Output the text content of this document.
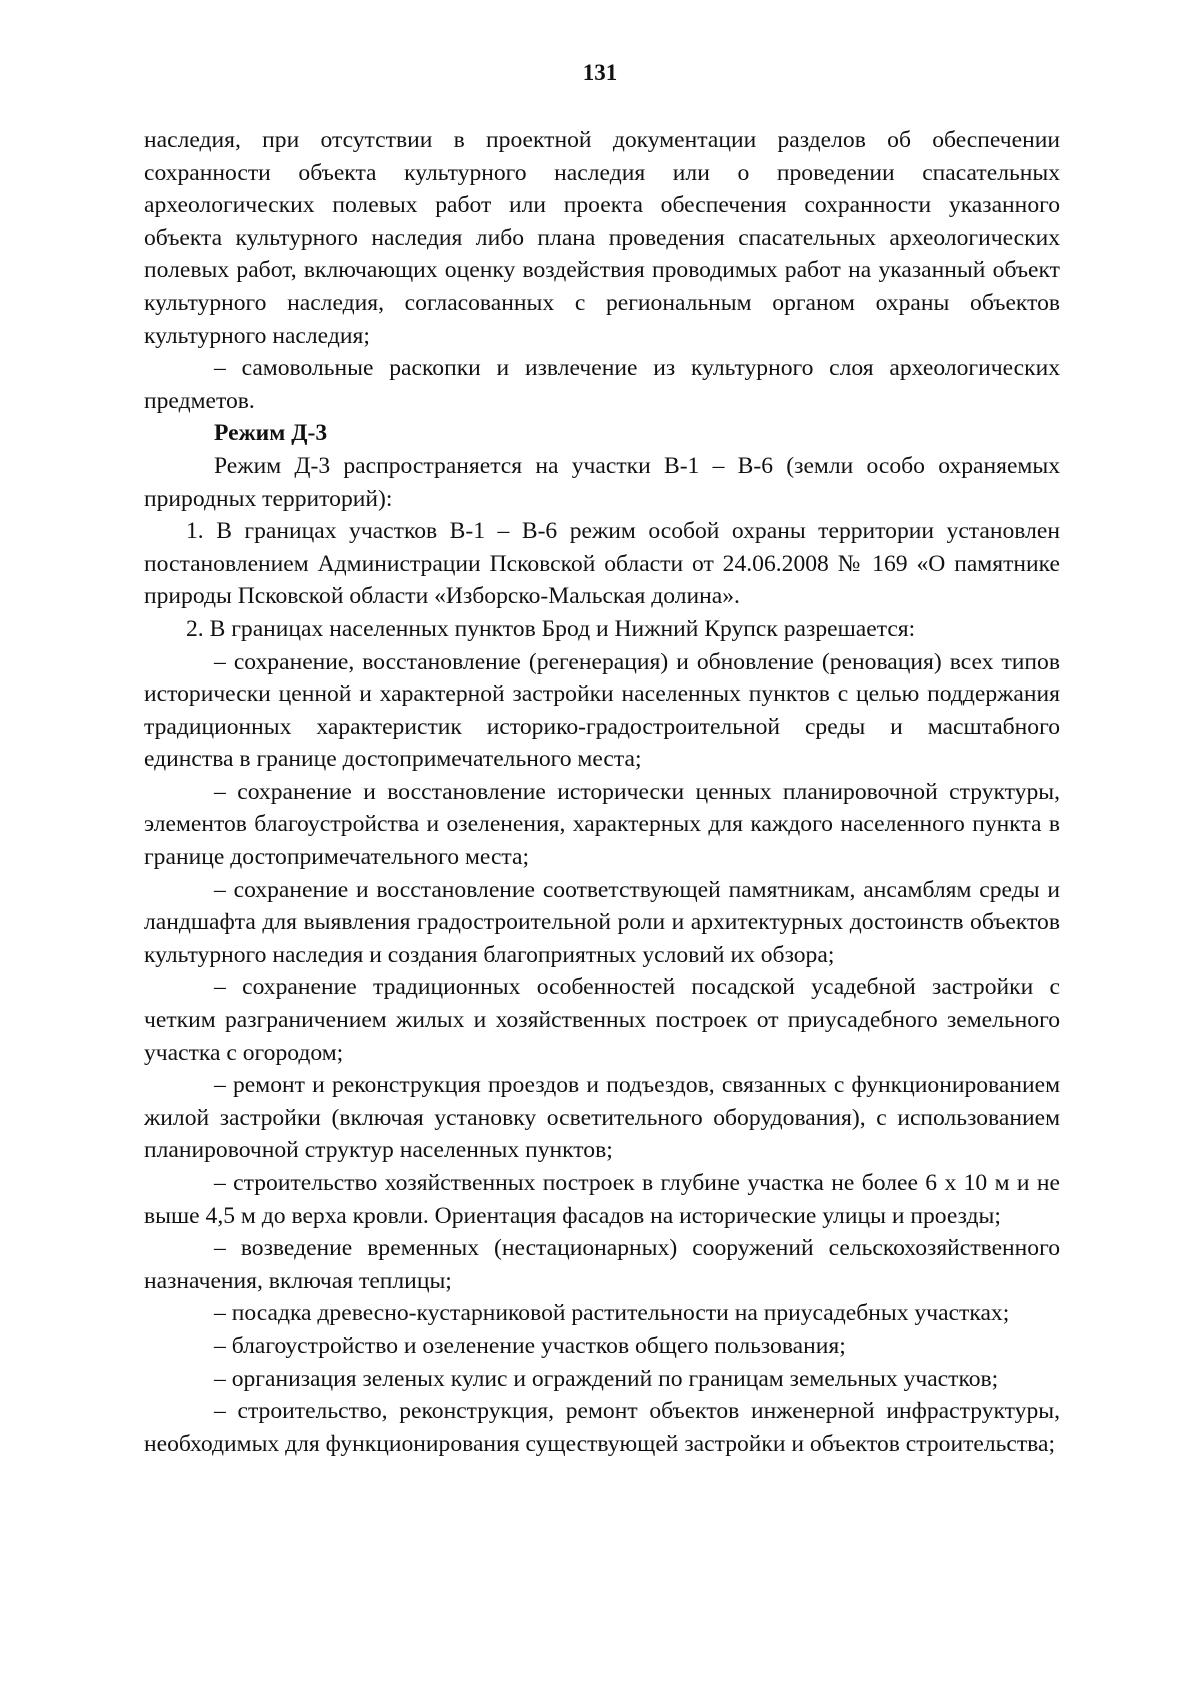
131

наследия, при отсутствии в проектной документации разделов об обеспечении сохранности объекта культурного наследия или о проведении спасательных археологических полевых работ или проекта обеспечения сохранности указанного объекта культурного наследия либо плана проведения спасательных археологических полевых работ, включающих оценку воздействия проводимых работ на указанный объект культурного наследия, согласованных с региональным органом охраны объектов культурного наследия;

– самовольные раскопки и извлечение из культурного слоя археологических предметов.

Режим Д-3

Режим Д-3 распространяется на участки В-1 – В-6 (земли особо охраняемых природных территорий):

1. В границах участков В-1 – В-6 режим особой охраны территории установлен постановлением Администрации Псковской области от 24.06.2008 № 169 «О памятнике природы Псковской области «Изборско-Мальская долина».

2. В границах населенных пунктов Брод и Нижний Крупск разрешается:

– сохранение, восстановление (регенерация) и обновление (реновация) всех типов исторически ценной и характерной застройки населенных пунктов с целью поддержания традиционных характеристик историко-градостроительной среды и масштабного единства в границе достопримечательного места;

– сохранение и восстановление исторически ценных планировочной структуры, элементов благоустройства и озеленения, характерных для каждого населенного пункта в границе достопримечательного места;

– сохранение и восстановление соответствующей памятникам, ансамблям среды и ландшафта для выявления градостроительной роли и архитектурных достоинств объектов культурного наследия и создания благоприятных условий их обзора;

– сохранение традиционных особенностей посадской усадебной застройки с четким разграничением жилых и хозяйственных построек от приусадебного земельного участка с огородом;

– ремонт и реконструкция проездов и подъездов, связанных с функционированием жилой застройки (включая установку осветительного оборудования), с использованием планировочной структур населенных пунктов;

– строительство хозяйственных построек в глубине участка не более 6 x 10 м и не выше 4,5 м до верха кровли. Ориентация фасадов на исторические улицы и проезды;

– возведение временных (нестационарных) сооружений сельскохозяйственного назначения, включая теплицы;

– посадка древесно-кустарниковой растительности на приусадебных участках;

– благоустройство и озеленение участков общего пользования;

– организация зеленых кулис и ограждений по границам земельных участков;

– строительство, реконструкция, ремонт объектов инженерной инфраструктуры, необходимых для функционирования существующей застройки и объектов строительства;
